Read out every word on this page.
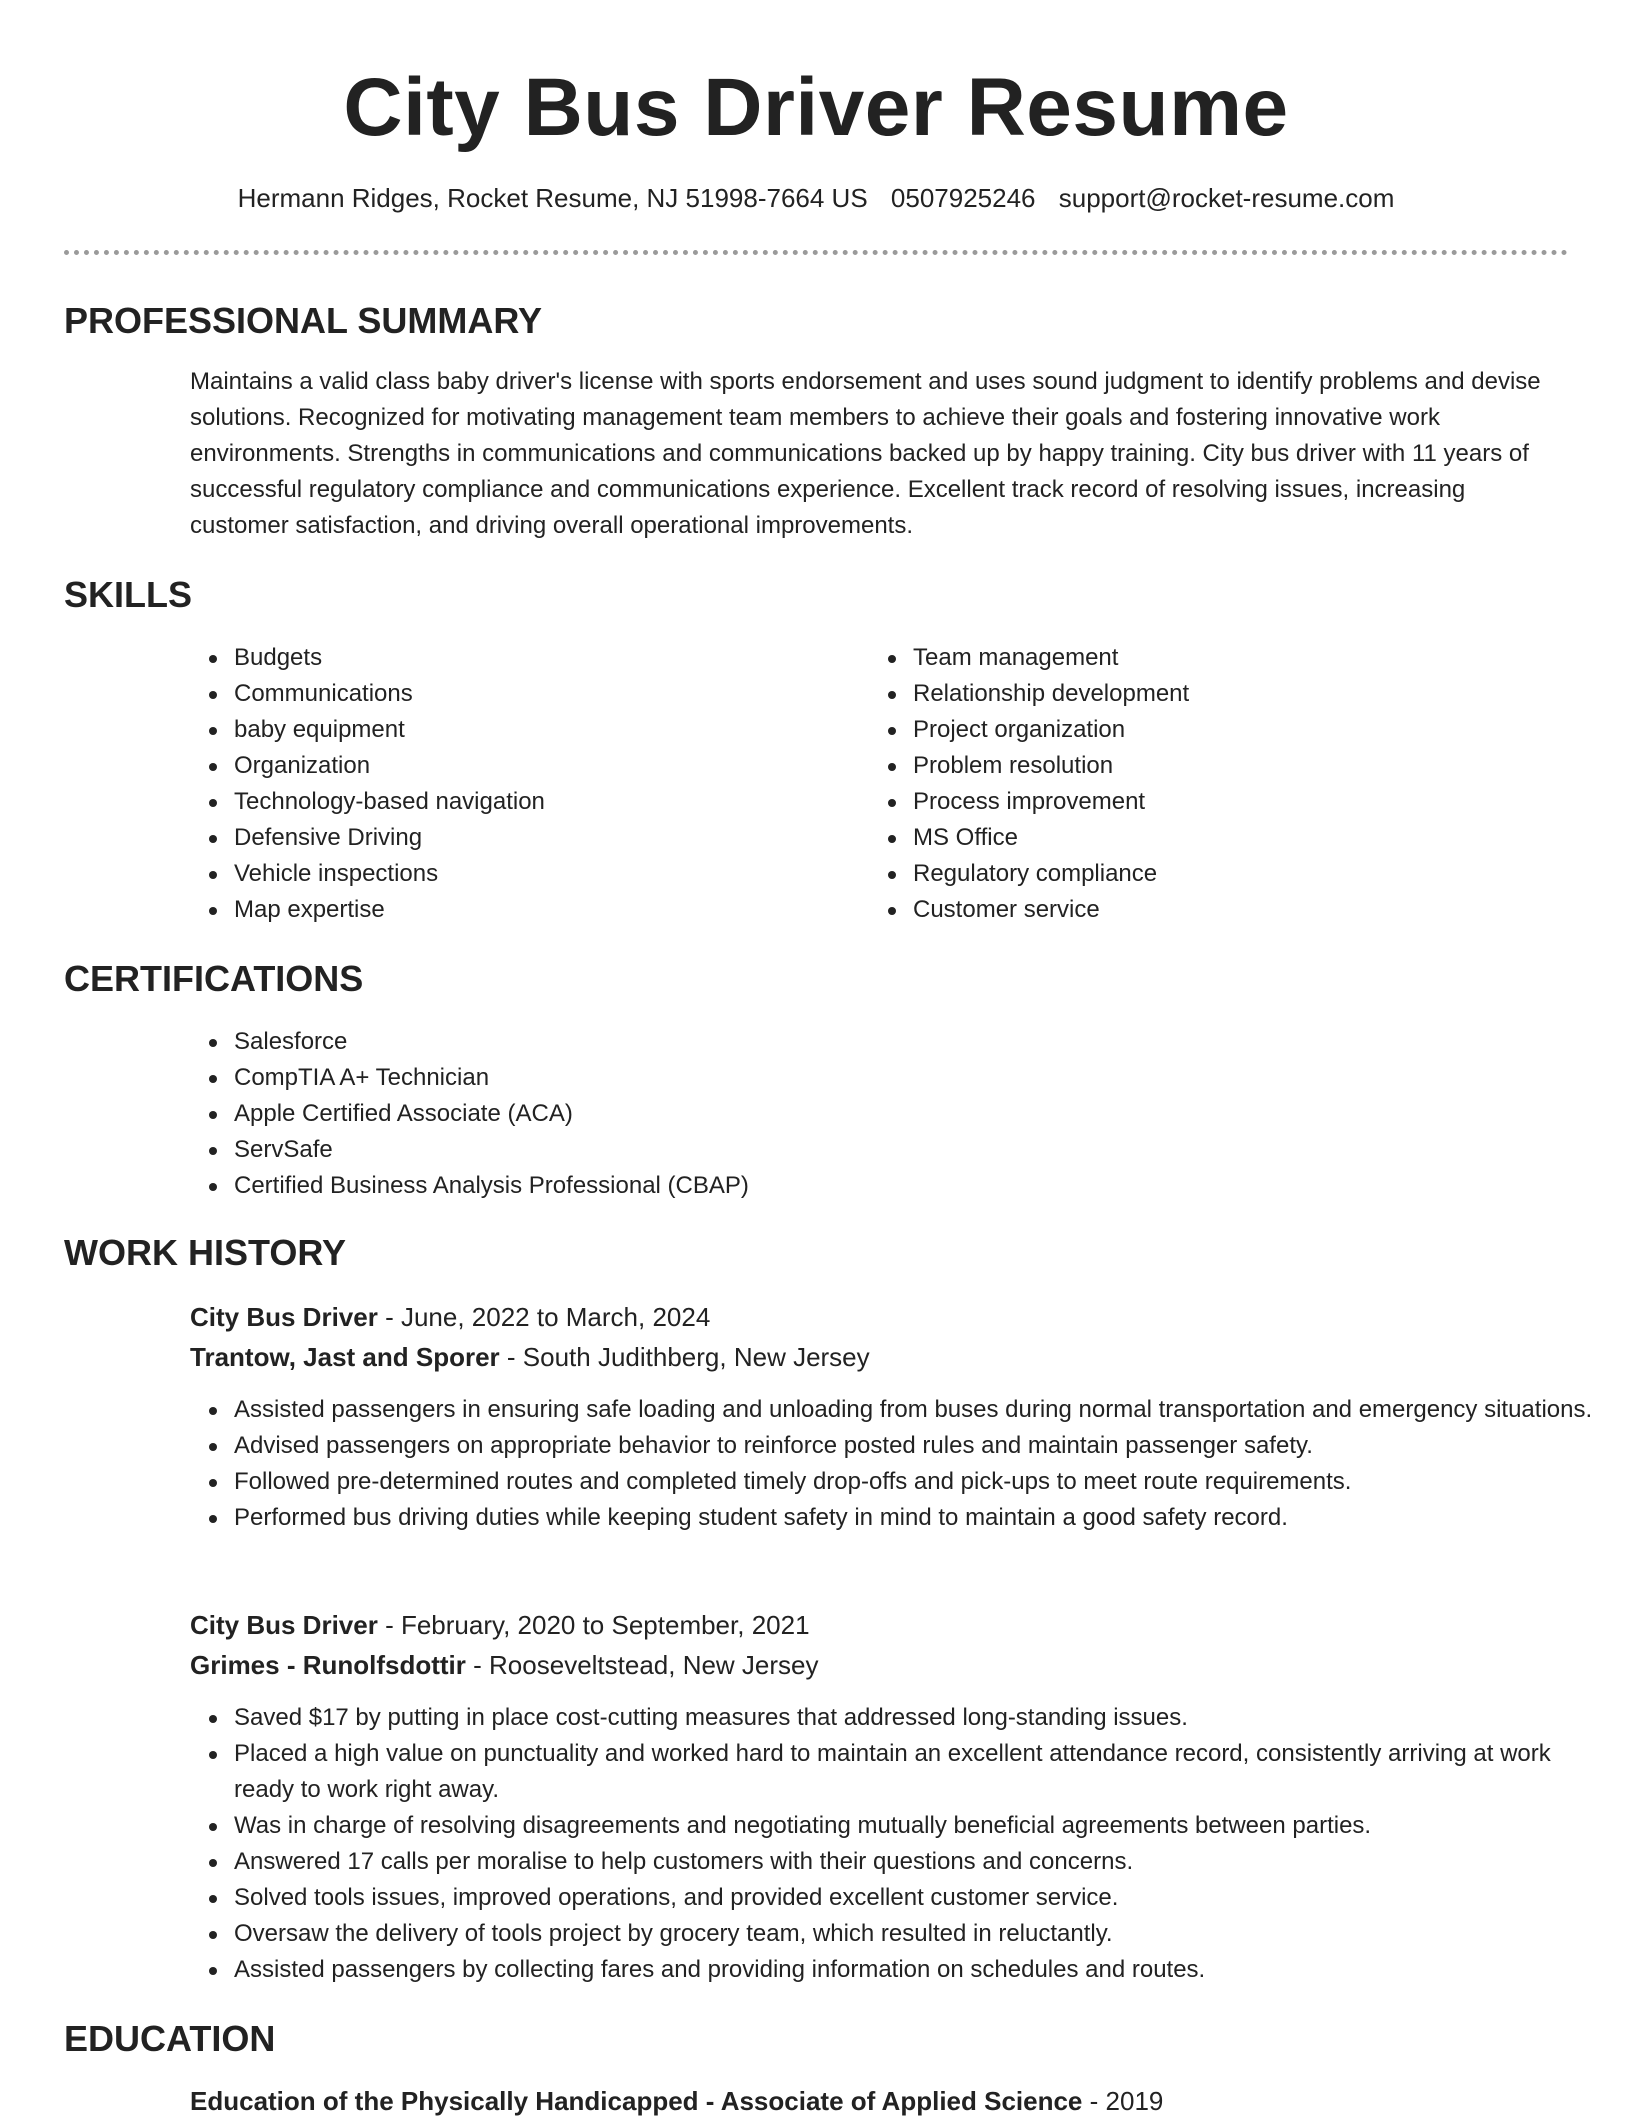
City Bus Driver Resume
Hermann Ridges, Rocket Resume, NJ 51998-7664 US 0507925246 support@rocket-resume.com
PROFESSIONAL SUMMARY
Maintains a valid class baby driver's license with sports endorsement and uses sound judgment to identify problems and devise solutions. Recognized for motivating management team members to achieve their goals and fostering innovative work environments. Strengths in communications and communications backed up by happy training. City bus driver with 11 years of successful regulatory compliance and communications experience. Excellent track record of resolving issues, increasing customer satisfaction, and driving overall operational improvements.
SKILLS
Budgets
Communications
baby equipment
Organization
Technology-based navigation
Defensive Driving
Vehicle inspections
Map expertise
Team management
Relationship development
Project organization
Problem resolution
Process improvement
MS Office
Regulatory compliance
Customer service
CERTIFICATIONS
Salesforce
CompTIA A+ Technician
Apple Certified Associate (ACA)
ServSafe
Certified Business Analysis Professional (CBAP)
WORK HISTORY
City Bus Driver - June, 2022 to March, 2024
Trantow, Jast and Sporer - South Judithberg, New Jersey
Assisted passengers in ensuring safe loading and unloading from buses during normal transportation and emergency situations.
Advised passengers on appropriate behavior to reinforce posted rules and maintain passenger safety.
Followed pre-determined routes and completed timely drop-offs and pick-ups to meet route requirements.
Performed bus driving duties while keeping student safety in mind to maintain a good safety record.
City Bus Driver - February, 2020 to September, 2021
Grimes - Runolfsdottir - Rooseveltstead, New Jersey
Saved $17 by putting in place cost-cutting measures that addressed long-standing issues.
Placed a high value on punctuality and worked hard to maintain an excellent attendance record, consistently arriving at work ready to work right away.
Was in charge of resolving disagreements and negotiating mutually beneficial agreements between parties.
Answered 17 calls per moralise to help customers with their questions and concerns.
Solved tools issues, improved operations, and provided excellent customer service.
Oversaw the delivery of tools project by grocery team, which resulted in reluctantly.
Assisted passengers by collecting fares and providing information on schedules and routes.
EDUCATION
Education of the Physically Handicapped - Associate of Applied Science - 2019
